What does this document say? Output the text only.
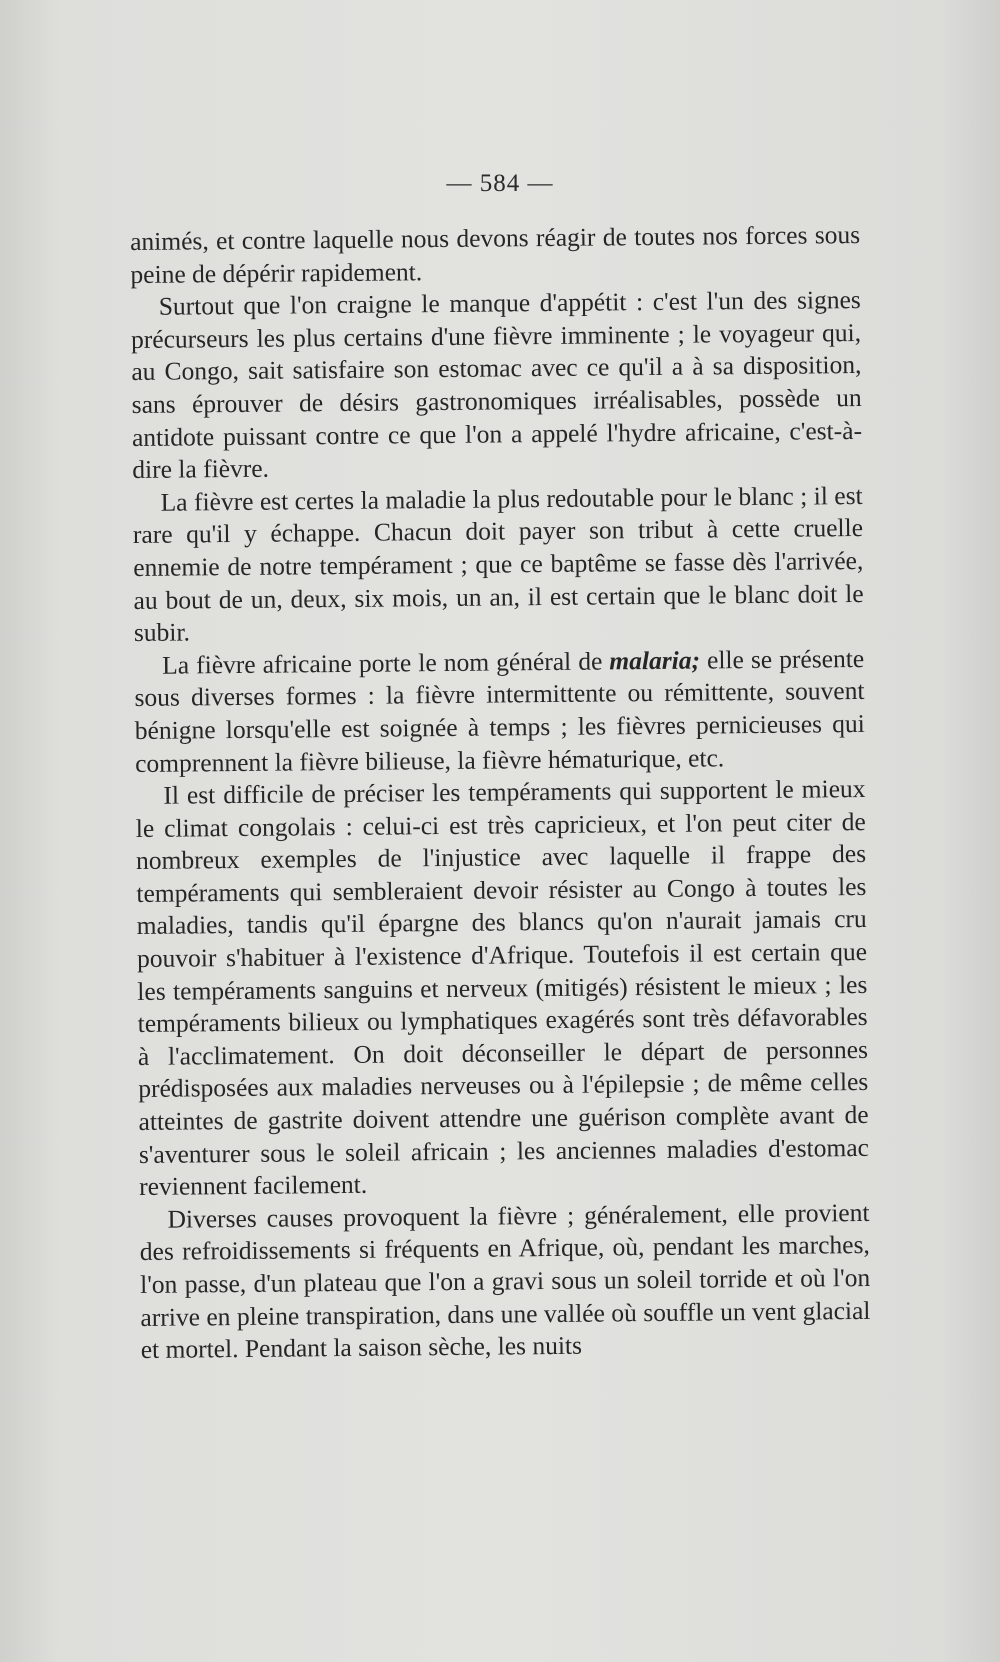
— 584 —

animés, et contre laquelle nous devons réagir de toutes nos forces sous peine de dépérir rapidement.

Surtout que l'on craigne le manque d'appétit : c'est l'un des signes précurseurs les plus certains d'une fièvre imminente ; le voyageur qui, au Congo, sait satisfaire son estomac avec ce qu'il a à sa disposition, sans éprouver de désirs gastronomiques irréalisables, possède un antidote puissant contre ce que l'on a appelé l'hydre africaine, c'est-à-dire la fièvre.

La fièvre est certes la maladie la plus redoutable pour le blanc ; il est rare qu'il y échappe. Chacun doit payer son tribut à cette cruelle ennemie de notre tempérament ; que ce baptême se fasse dès l'arrivée, au bout de un, deux, six mois, un an, il est certain que le blanc doit le subir.

La fièvre africaine porte le nom général de malaria; elle se présente sous diverses formes : la fièvre intermittente ou rémittente, souvent bénigne lorsqu'elle est soignée à temps ; les fièvres pernicieuses qui comprennent la fièvre bilieuse, la fièvre hématurique, etc.

Il est difficile de préciser les tempéraments qui supportent le mieux le climat congolais : celui-ci est très capricieux, et l'on peut citer de nombreux exemples de l'injustice avec laquelle il frappe des tempéraments qui sembleraient devoir résister au Congo à toutes les maladies, tandis qu'il épargne des blancs qu'on n'aurait jamais cru pouvoir s'habituer à l'existence d'Afrique. Toutefois il est certain que les tempéraments sanguins et nerveux (mitigés) résistent le mieux ; les tempéraments bilieux ou lymphatiques exagérés sont très défavorables à l'acclimatement. On doit déconseiller le départ de personnes prédisposées aux maladies nerveuses ou à l'épilepsie ; de même celles atteintes de gastrite doivent attendre une guérison complète avant de s'aventurer sous le soleil africain ; les anciennes maladies d'estomac reviennent facilement.

Diverses causes provoquent la fièvre ; généralement, elle provient des refroidissements si fréquents en Afrique, où, pendant les marches, l'on passe, d'un plateau que l'on a gravi sous un soleil torride et où l'on arrive en pleine transpiration, dans une vallée où souffle un vent glacial et mortel. Pendant la saison sèche, les nuits
